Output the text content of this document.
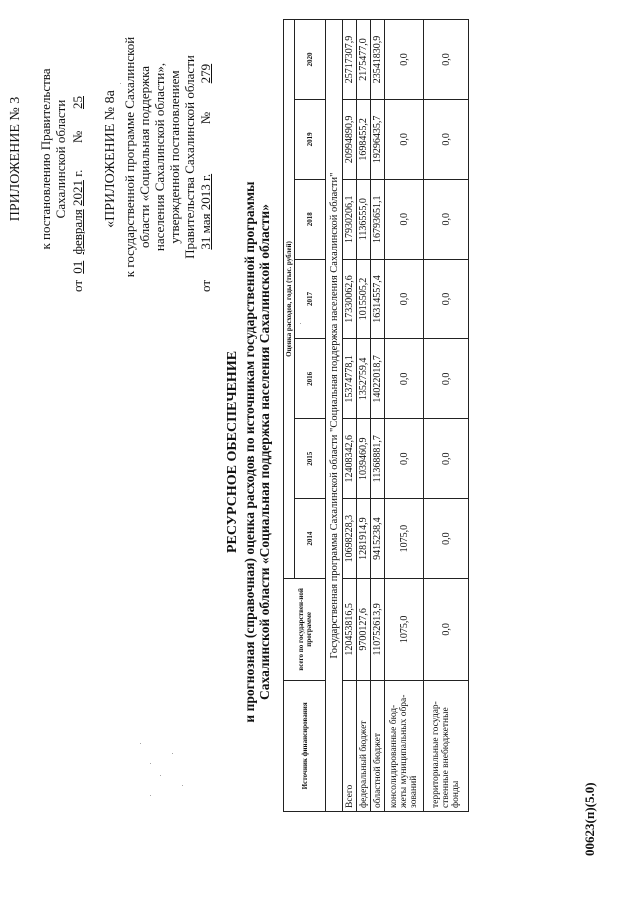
ПРИЛОЖЕНИЕ № 3 к постановлению Правительства Сахалинской области
от 01 февраля 2021 г.  № 25 «ПРИЛОЖЕНИЕ № 8а к государственной программе Сахалинской области «Социальная поддержка населения Сахалинской области», утвержденной постановлением Правительства Сахалинской области
от 31 мая 2013 г.  № 279
РЕСУРСНОЕ ОБЕСПЕЧЕНИЕ и прогнозная (справочная) оценка расходов по источникам государственной программы Сахалинской области «Социальная поддержка населения Сахалинской области»
Источник финансирования	всего по государствен-ной программе	Оценка расходов, годы (тыс. рублей)						
		2014	2015	2016	2017	2018	2019	2020
Государственная программа Сахалинской области "Социальная поддержка населения Сахалинской области"								
Всего	120453816,5	10698228,3	12408342,6	15374778,1	17330062,6	17930206,1	20994890,9	25717307,9
федеральный бюджет	9700127,6	1281914,9	1039460,9	1352759,4	1015505,2	1136555,0	1698455,2	2175477,0
областной бюджет	110752613,9	9415238,4	11368881,7	14022018,7	16314557,4	16793651,1	19296435,7	23541830,9
консолидированные бюд-жеты муниципальных обра-зований	1075,0	1075,0	0,0	0,0	0,0	0,0	0,0	0,0
территориальные государ-ственные внебюджетные фонды	0,0	0,0	0,0	0,0	0,0	0,0	0,0	0,0
00623(п)(5.0)
